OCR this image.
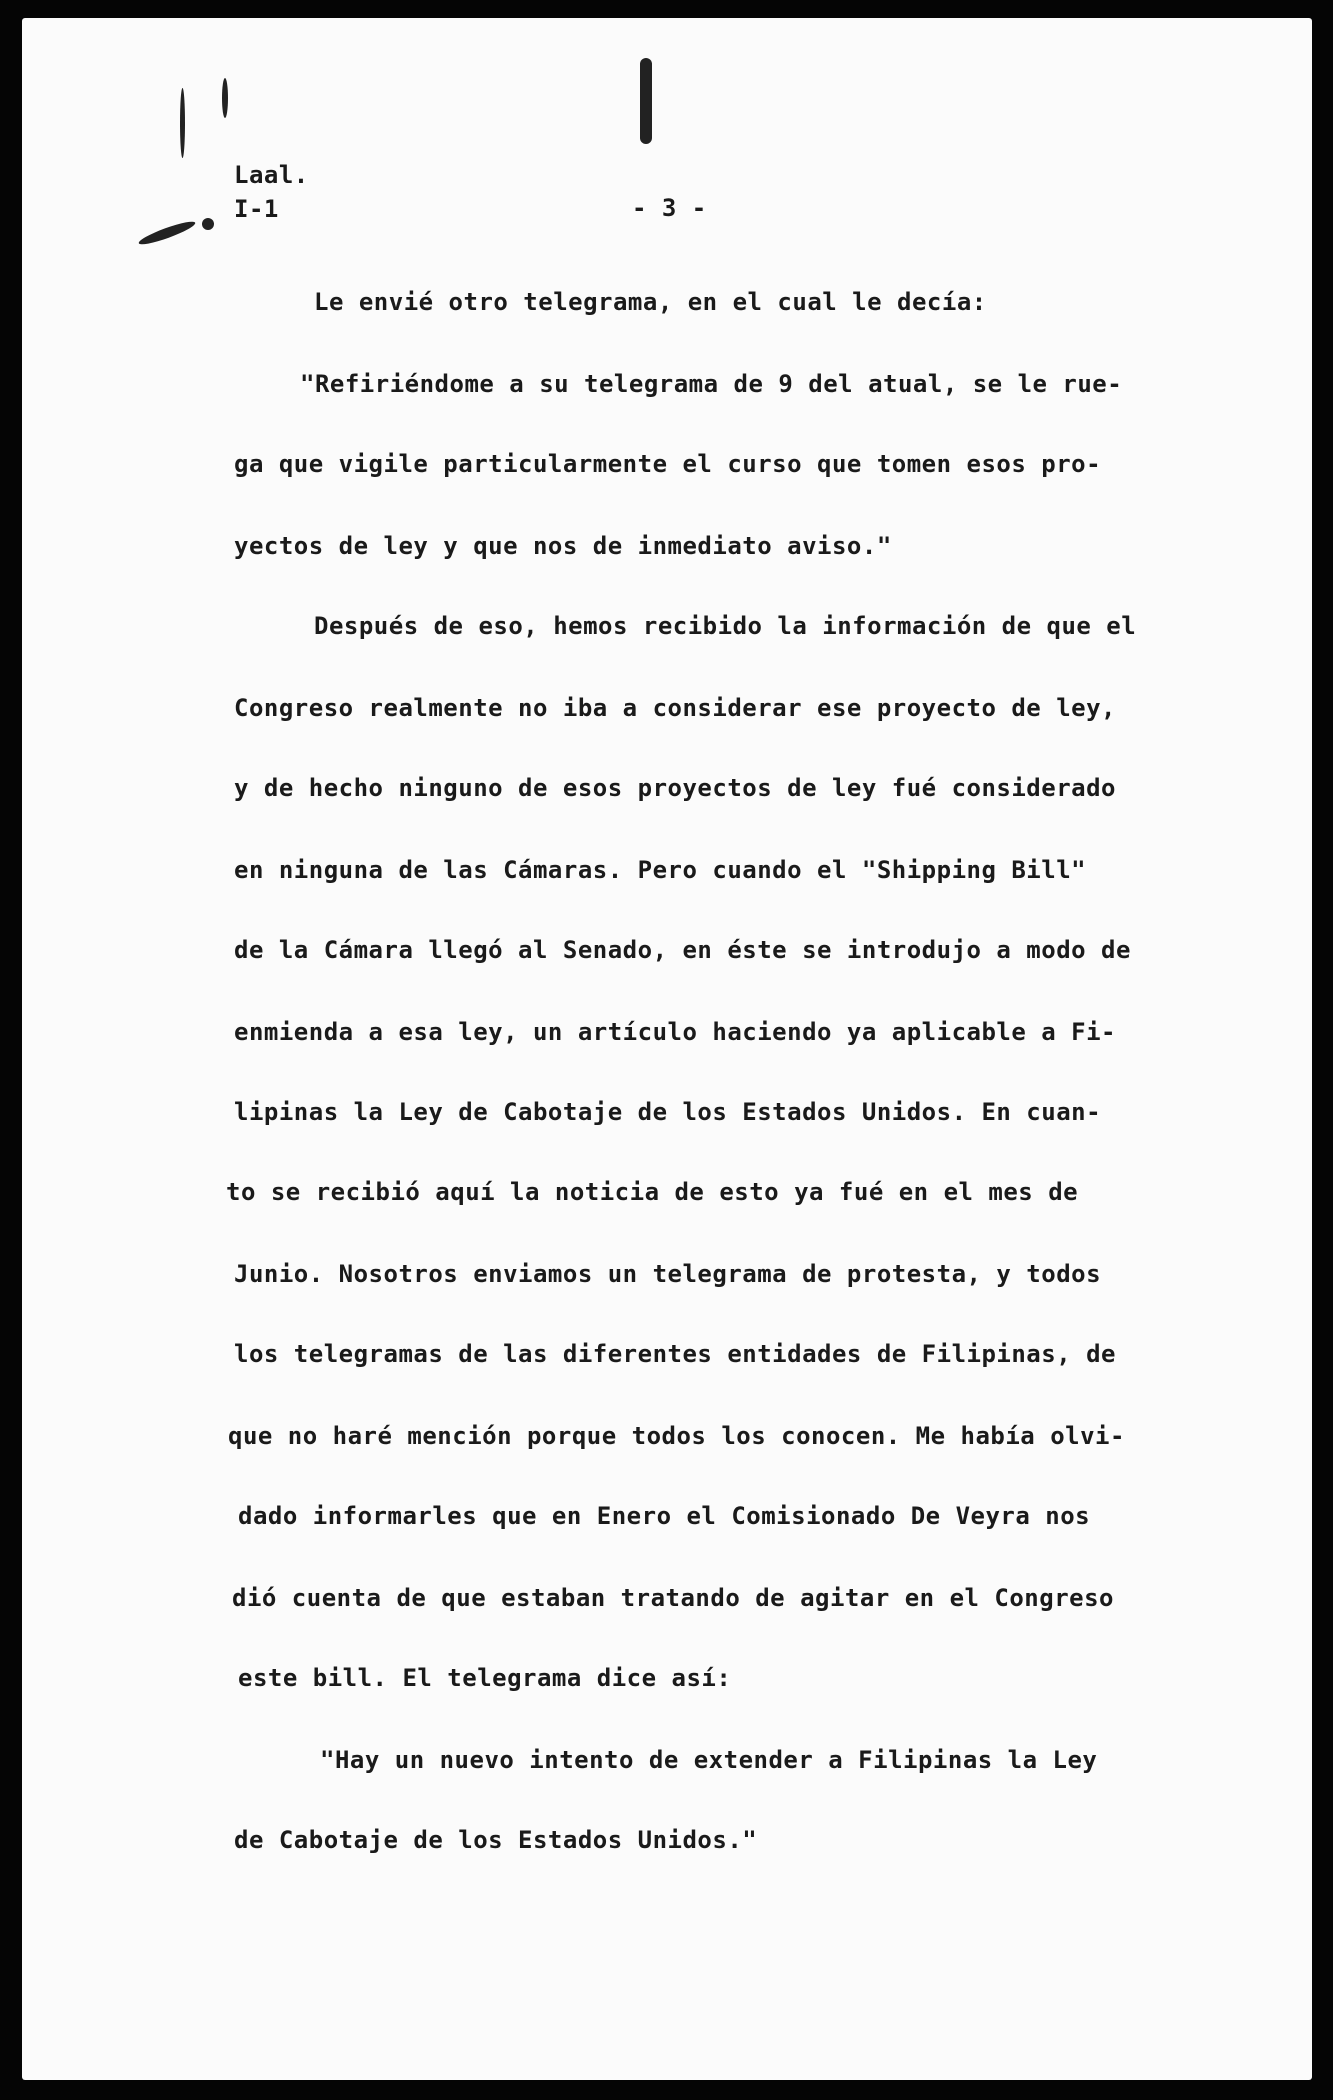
Laal.
I-1	- 3 -
Le envié otro telegrama, en el cual le decía:
"Refiriéndome a su telegrama de 9 del atual, se le rue-
ga que vigile particularmente el curso que tomen esos pro-
yectos de ley y que nos de inmediato aviso."
Después de eso, hemos recibido la información de que el
Congreso realmente no iba a considerar ese proyecto de ley,
y de hecho ninguno de esos proyectos de ley fué considerado
en ninguna de las Cámaras. Pero cuando el "Shipping Bill"
de la Cámara llegó al Senado, en éste se introdujo a modo de
enmienda a esa ley, un artículo haciendo ya aplicable a Fi-
lipinas la Ley de Cabotaje de los Estados Unidos. En cuan-
to se recibió aquí la noticia de esto ya fué en el mes de
Junio. Nosotros enviamos un telegrama de protesta, y todos
los telegramas de las diferentes entidades de Filipinas, de
que no haré mención porque todos los conocen. Me había olvi-
dado informarles que en Enero el Comisionado De Veyra nos
dió cuenta de que estaban tratando de agitar en el Congreso
este bill. El telegrama dice así:
"Hay un nuevo intento de extender a Filipinas la Ley
de Cabotaje de los Estados Unidos."
